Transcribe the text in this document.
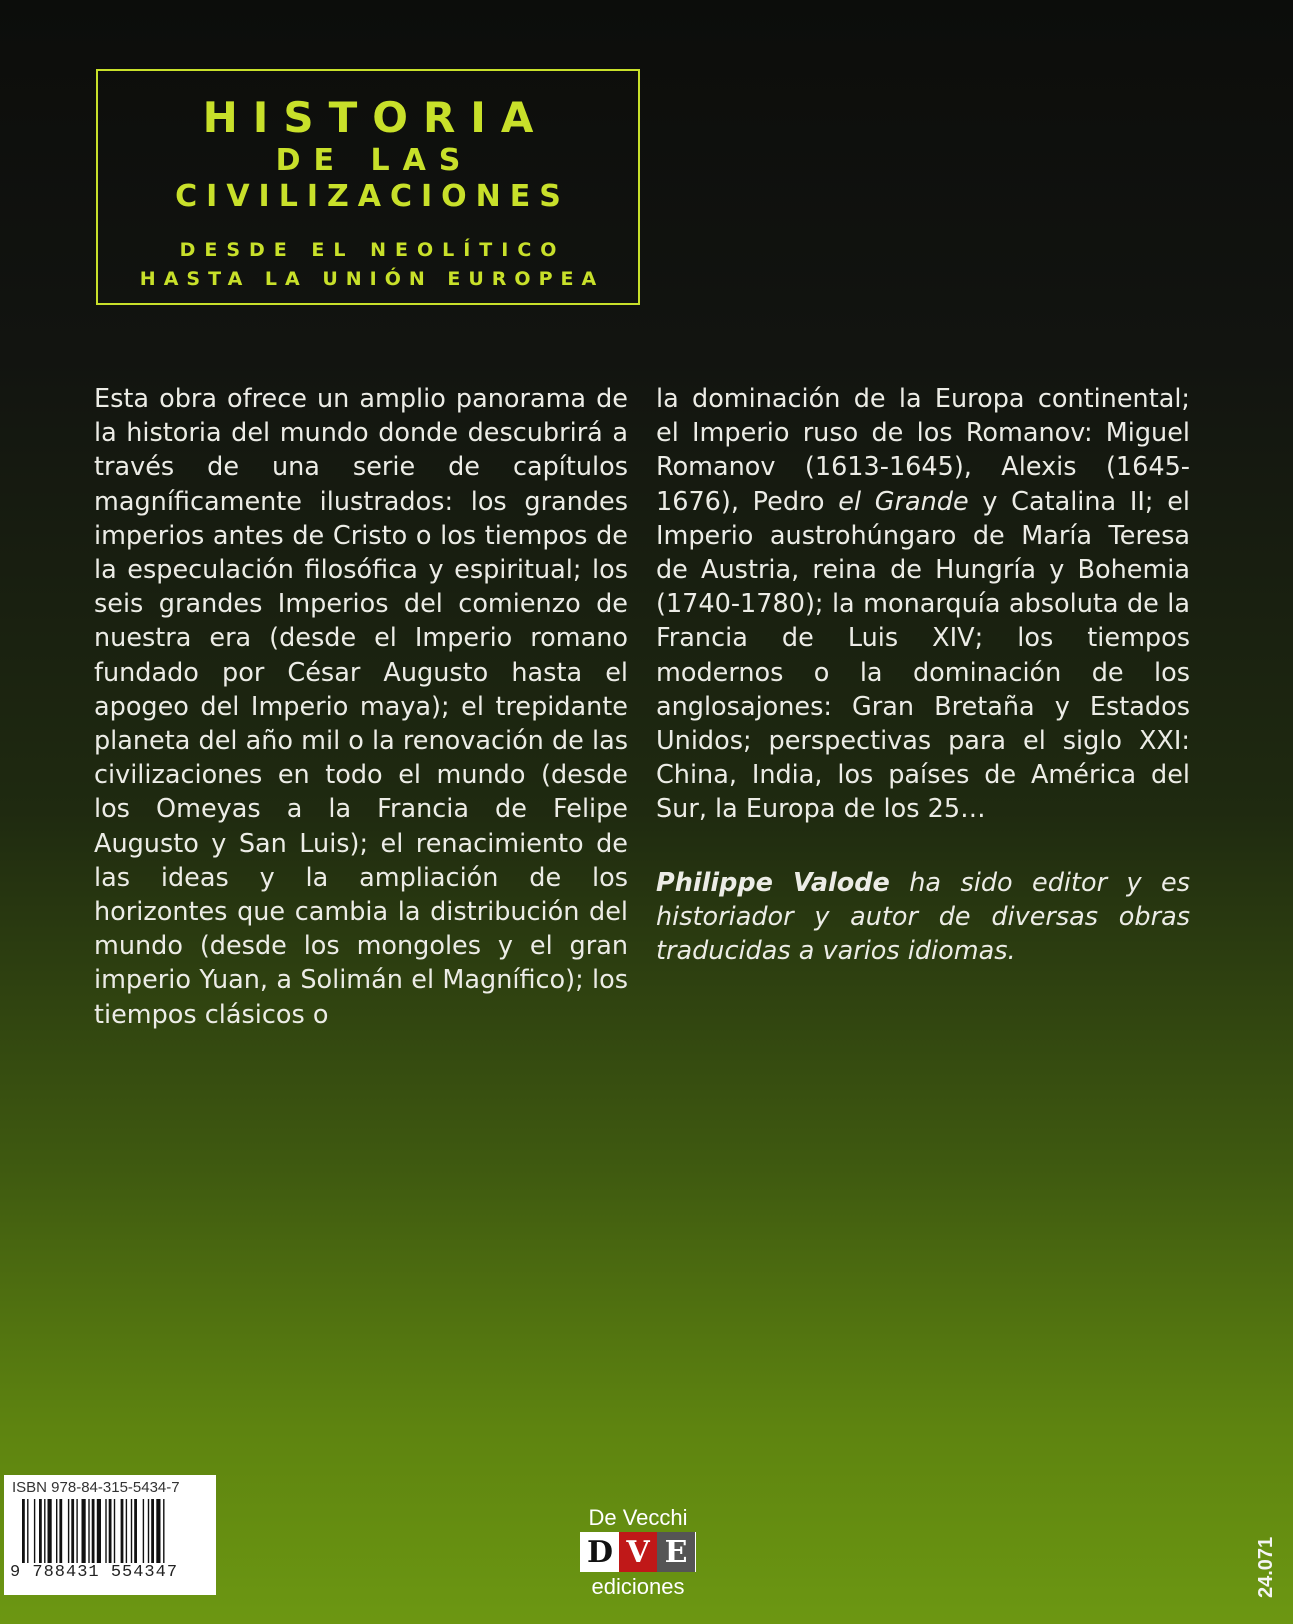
HISTORIA
DE LAS
CIVILIZACIONES
DESDE EL NEOLÍTICO
HASTA LA UNIÓN EUROPEA
Esta obra ofrece un amplio panorama de la historia del mundo donde descubrirá a través de una serie de capítulos magníficamente ilustrados: los grandes imperios antes de Cristo o los tiempos de la especulación filosófica y espiritual; los seis grandes Imperios del comienzo de nuestra era (desde el Imperio romano fundado por César Augusto hasta el apogeo del Imperio maya); el trepidante planeta del año mil o la renovación de las civilizaciones en todo el mundo (desde los Omeyas a la Francia de Felipe Augusto y San Luis); el renacimiento de las ideas y la ampliación de los horizontes que cambia la distribución del mundo (desde los mongoles y el gran imperio Yuan, a Solimán el Magnífico); los tiempos clásicos o
la dominación de la Europa continental; el Imperio ruso de los Romanov: Miguel Romanov (1613-1645), Alexis (1645-1676), Pedro el Grande y Catalina II; el Imperio austrohúngaro de María Teresa de Austria, reina de Hungría y Bohemia (1740-1780); la monarquía absoluta de la Francia de Luis XIV; los tiempos modernos o la dominación de los anglosajones: Gran Bretaña y Estados Unidos; perspectivas para el siglo XXI: China, India, los países de América del Sur, la Europa de los 25…
Philippe Valode ha sido editor y es historiador y autor de diversas obras traducidas a varios idiomas.
ISBN 978-84-315-5434-7
9 788431 554347
De Vecchi
D V E
ediciones	24.071
